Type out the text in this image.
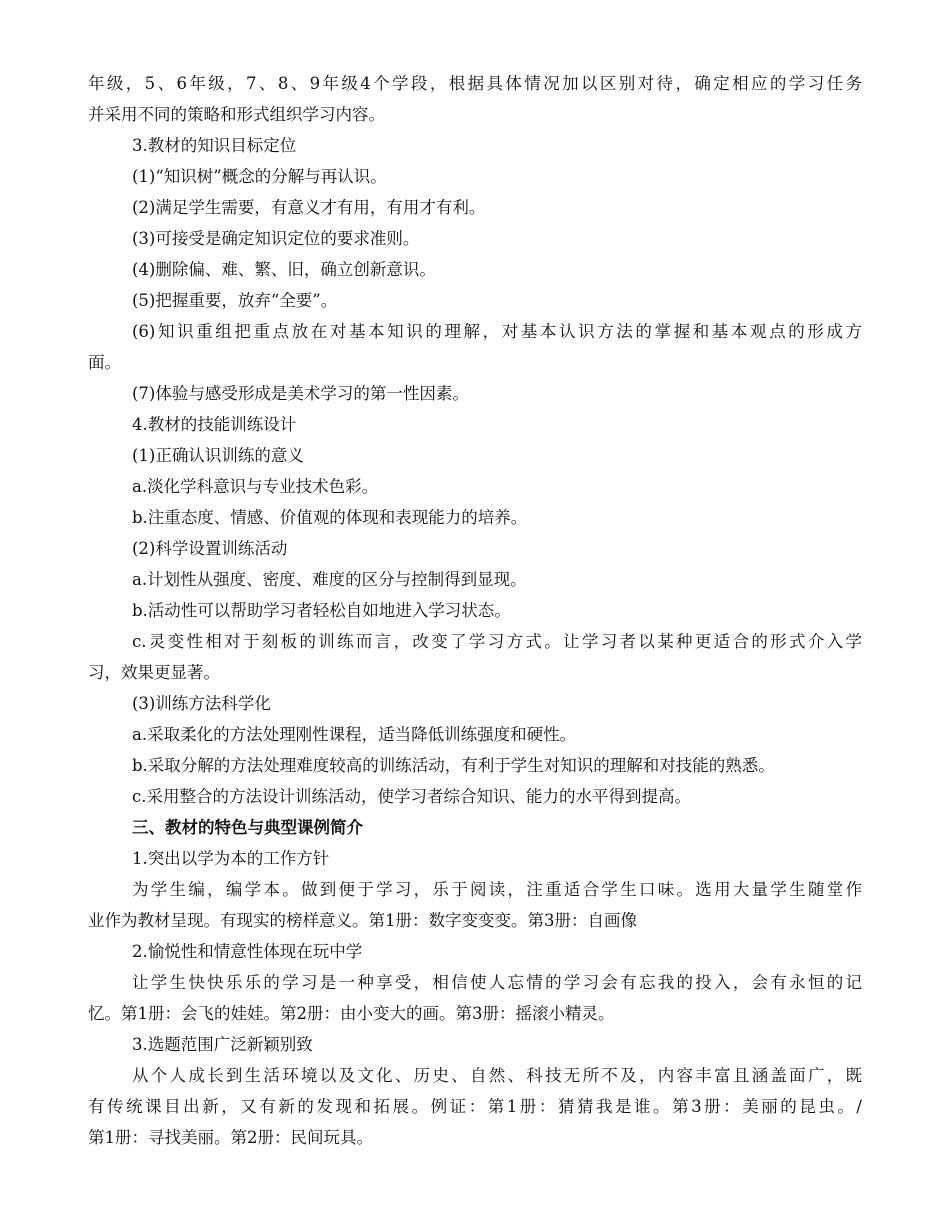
年级，5、6年级，7、8、9年级4个学段，根据具体情况加以区别对待，确定相应的学习任务
并采用不同的策略和形式组织学习内容。
3.教材的知识目标定位
(1)“知识树”概念的分解与再认识。
(2)满足学生需要，有意义才有用，有用才有利。
(3)可接受是确定知识定位的要求准则。
(4)删除偏、难、繁、旧，确立创新意识。
(5)把握重要，放弃“全要”。
(6)知识重组把重点放在对基本知识的理解，对基本认识方法的掌握和基本观点的形成方
面。
(7)体验与感受形成是美术学习的第一性因素。
4.教材的技能训练设计
(1)正确认识训练的意义
a.淡化学科意识与专业技术色彩。
b.注重态度、情感、价值观的体现和表现能力的培养。
(2)科学设置训练活动
a.计划性从强度、密度、难度的区分与控制得到显现。
b.活动性可以帮助学习者轻松自如地进入学习状态。
c.灵变性相对于刻板的训练而言，改变了学习方式。让学习者以某种更适合的形式介入学
习，效果更显著。
(3)训练方法科学化
a.采取柔化的方法处理刚性课程，适当降低训练强度和硬性。
b.采取分解的方法处理难度较高的训练活动，有利于学生对知识的理解和对技能的熟悉。
c.采用整合的方法设计训练活动，使学习者综合知识、能力的水平得到提高。
三、教材的特色与典型课例简介
1.突出以学为本的工作方针
为学生编，编学本。做到便于学习，乐于阅读，注重适合学生口味。选用大量学生随堂作
业作为教材呈现。有现实的榜样意义。第1册：数字变变变。第3册：自画像
2.愉悦性和情意性体现在玩中学
让学生快快乐乐的学习是一种享受，相信使人忘情的学习会有忘我的投入，会有永恒的记
忆。第1册：会飞的娃娃。第2册：由小变大的画。第3册：摇滚小精灵。
3.选题范围广泛新颖别致
从个人成长到生活环境以及文化、历史、自然、科技无所不及，内容丰富且涵盖面广，既
有传统课目出新，又有新的发现和拓展。例证：第1册：猜猜我是谁。第3册：美丽的昆虫。/
第1册：寻找美丽。第2册：民间玩具。
